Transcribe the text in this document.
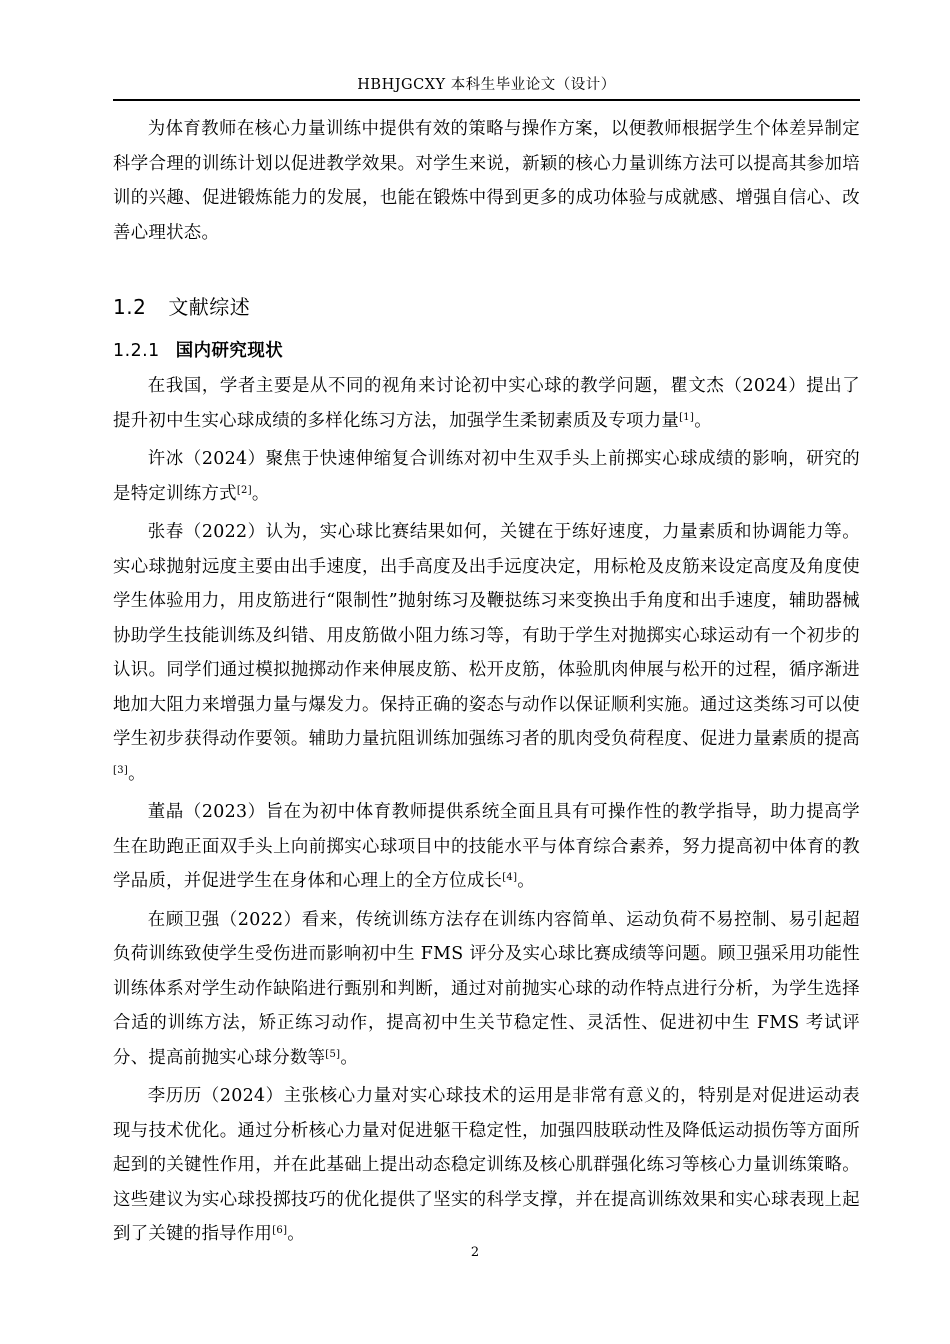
HBHJGCXY 本科生毕业论文（设计）

为体育教师在核心力量训练中提供有效的策略与操作方案，以便教师根据学生个体差异制定科学合理的训练计划以促进教学效果。对学生来说，新颖的核心力量训练方法可以提高其参加培训的兴趣、促进锻炼能力的发展，也能在锻炼中得到更多的成功体验与成就感、增强自信心、改善心理状态。

1.2 文献综述
1.2.1 国内研究现状

在我国，学者主要是从不同的视角来讨论初中实心球的教学问题，瞿文杰（2024）提出了提升初中生实心球成绩的多样化练习方法，加强学生柔韧素质及专项力量[1]。

许冰（2024）聚焦于快速伸缩复合训练对初中生双手头上前掷实心球成绩的影响，研究的是特定训练方式[2]。

张春（2022）认为，实心球比赛结果如何，关键在于练好速度，力量素质和协调能力等。实心球抛射远度主要由出手速度，出手高度及出手远度决定，用标枪及皮筋来设定高度及角度使学生体验用力，用皮筋进行“限制性”抛射练习及鞭挞练习来变换出手角度和出手速度，辅助器械协助学生技能训练及纠错、用皮筋做小阻力练习等，有助于学生对抛掷实心球运动有一个初步的认识。同学们通过模拟抛掷动作来伸展皮筋、松开皮筋，体验肌肉伸展与松开的过程，循序渐进地加大阻力来增强力量与爆发力。保持正确的姿态与动作以保证顺利实施。通过这类练习可以使学生初步获得动作要领。辅助力量抗阻训练加强练习者的肌肉受负荷程度、促进力量素质的提高[3]。

董晶（2023）旨在为初中体育教师提供系统全面且具有可操作性的教学指导，助力提高学生在助跑正面双手头上向前掷实心球项目中的技能水平与体育综合素养，努力提高初中体育的教学品质，并促进学生在身体和心理上的全方位成长[4]。

在顾卫强（2022）看来，传统训练方法存在训练内容简单、运动负荷不易控制、易引起超负荷训练致使学生受伤进而影响初中生 FMS 评分及实心球比赛成绩等问题。顾卫强采用功能性训练体系对学生动作缺陷进行甄别和判断，通过对前抛实心球的动作特点进行分析，为学生选择合适的训练方法，矫正练习动作，提高初中生关节稳定性、灵活性、促进初中生 FMS 考试评分、提高前抛实心球分数等[5]。

李历历（2024）主张核心力量对实心球技术的运用是非常有意义的，特别是对促进运动表现与技术优化。通过分析核心力量对促进躯干稳定性，加强四肢联动性及降低运动损伤等方面所起到的关键性作用，并在此基础上提出动态稳定训练及核心肌群强化练习等核心力量训练策略。这些建议为实心球投掷技巧的优化提供了坚实的科学支撑，并在提高训练效果和实心球表现上起到了关键的指导作用[6]。

2
